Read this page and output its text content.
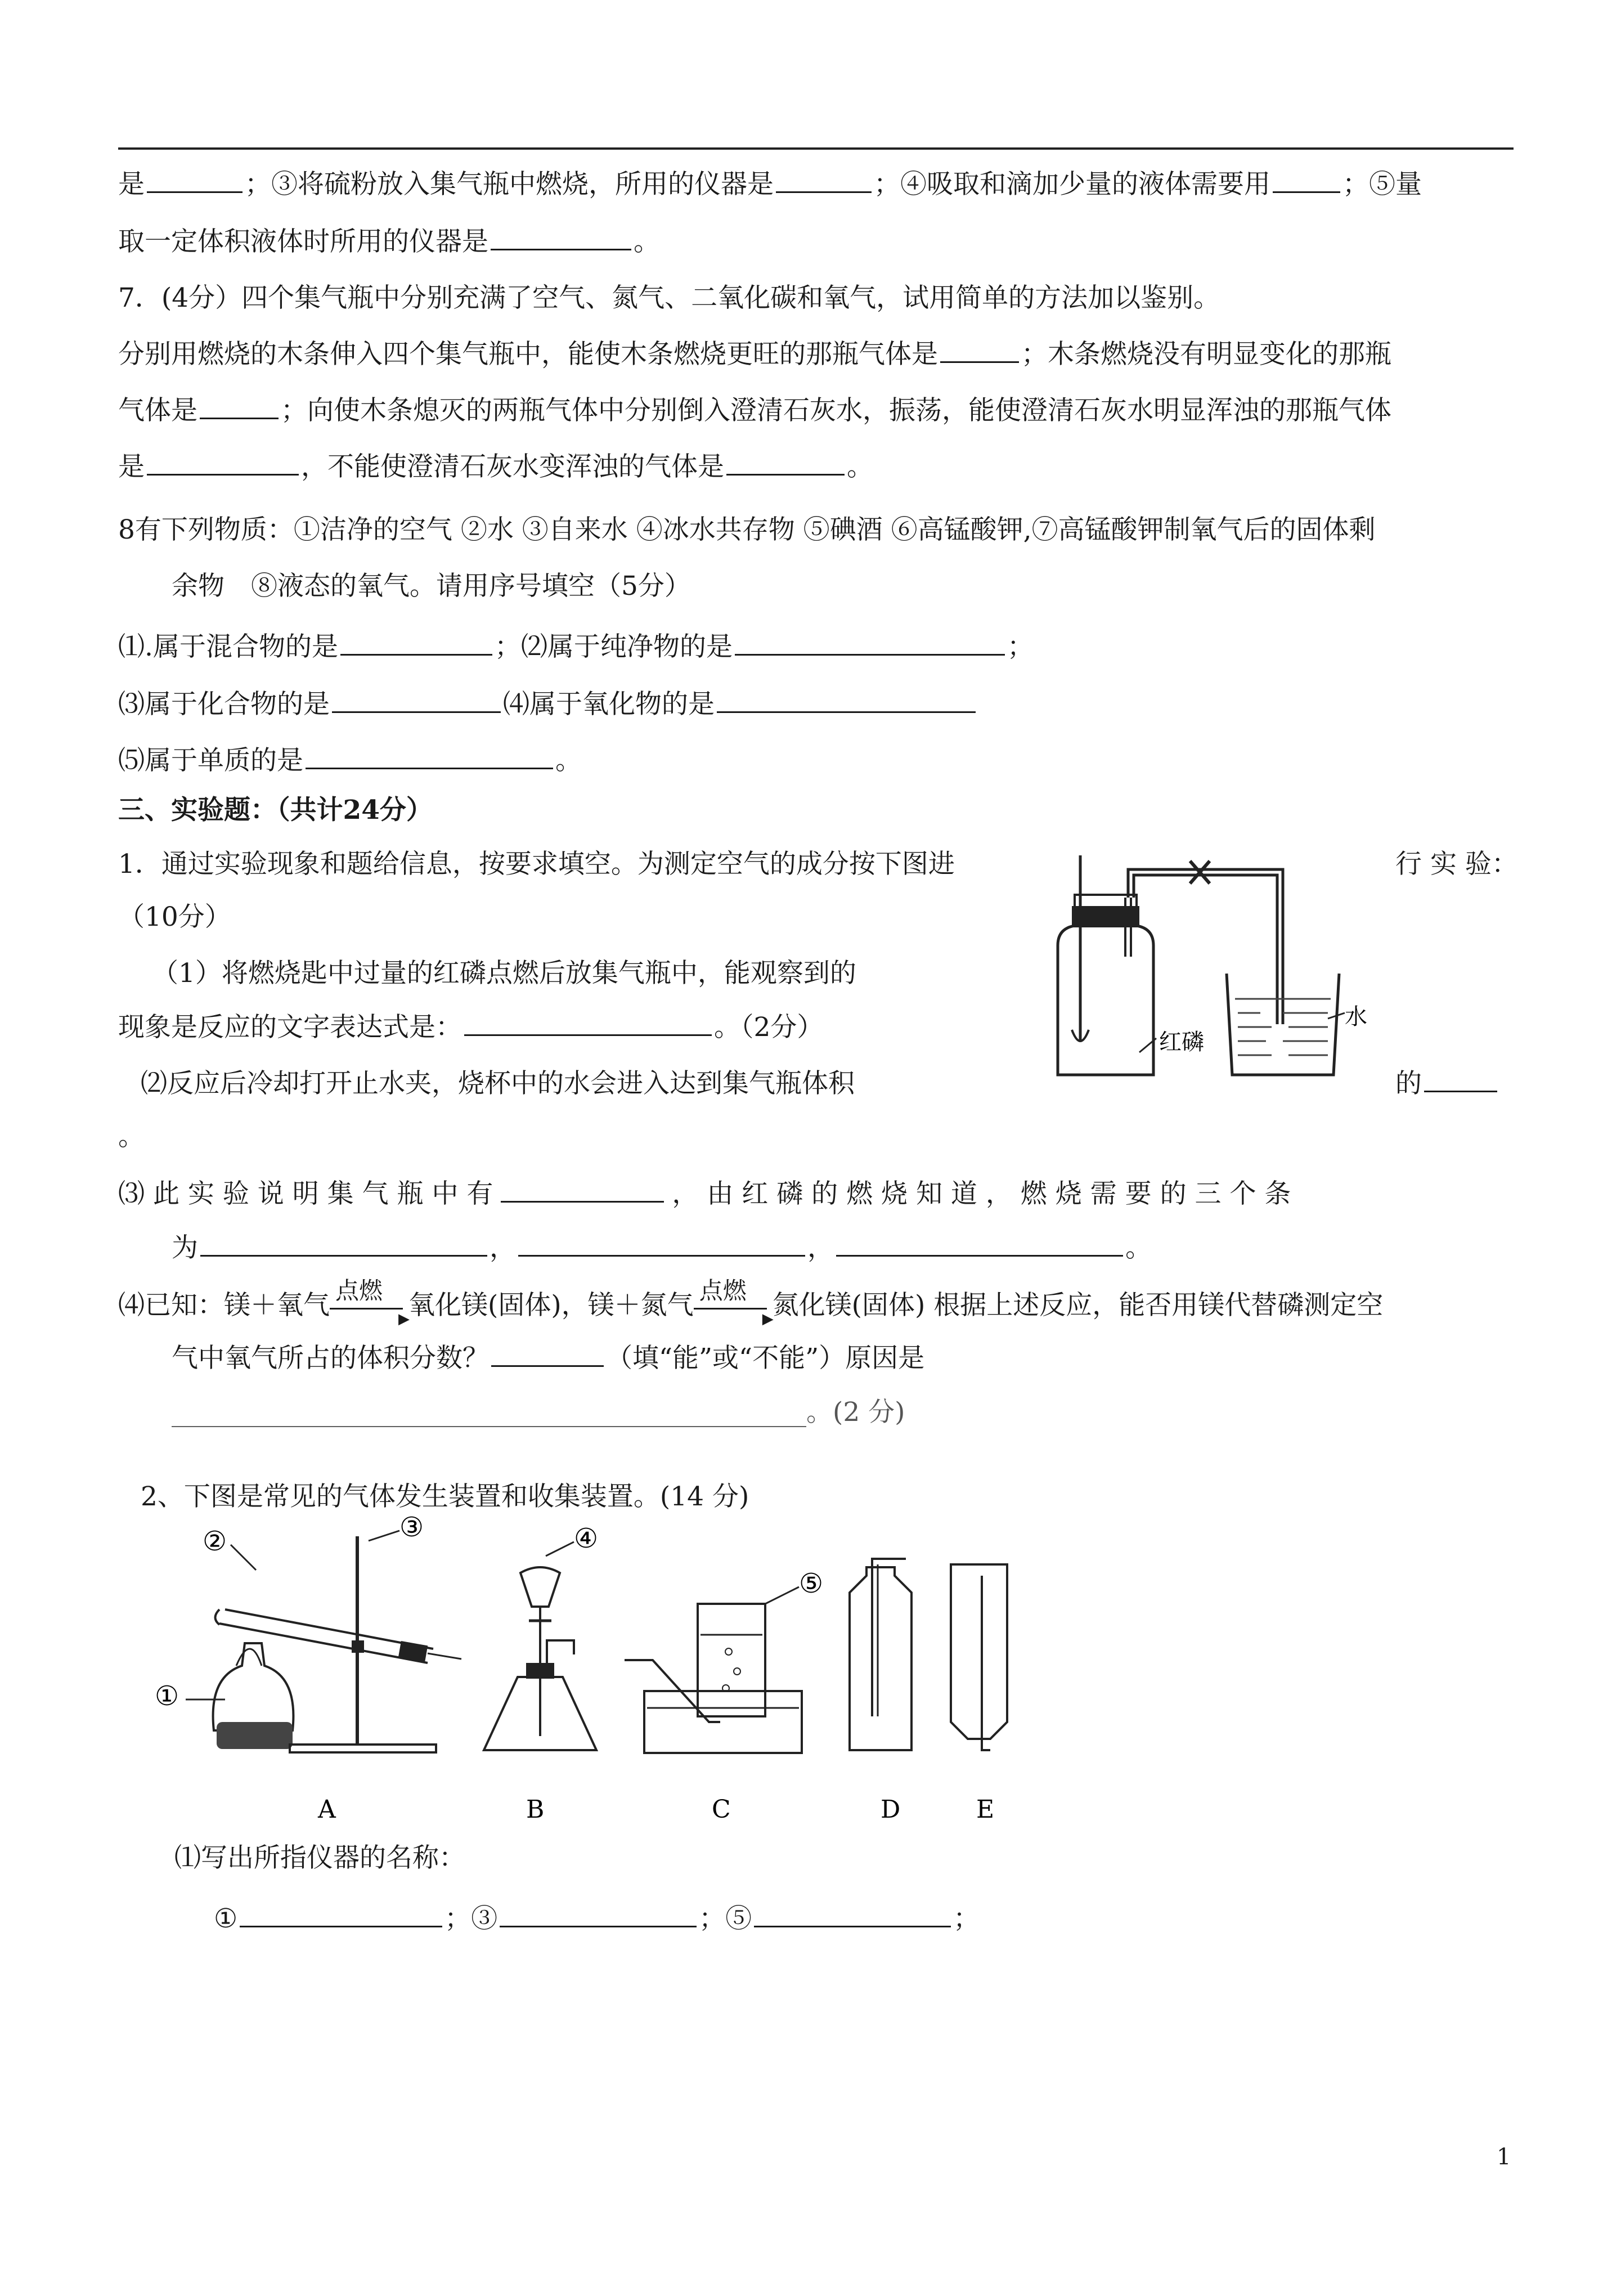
是	；③将硫粉放入集气瓶中燃烧，所用的仪器是	；④吸取和滴加少量的液体需要用	；⑤量
取一定体积液体时所用的仪器是	。
7．(4分）四个集气瓶中分别充满了空气、氮气、二氧化碳和氧气，试用简单的方法加以鉴别。
分别用燃烧的木条伸入四个集气瓶中，能使木条燃烧更旺的那瓶气体是	；木条燃烧没有明显变化的那瓶
气体是	；向使木条熄灭的两瓶气体中分别倒入澄清石灰水，振荡，能使澄清石灰水明显浑浊的那瓶气体
是	，不能使澄清石灰水变浑浊的气体是	。
8有下列物质：①洁净的空气 ②水 ③自来水 ④冰水共存物 ⑤碘酒 ⑥高锰酸钾,⑦高锰酸钾制氧气后的固体剩
余物　⑧液态的氧气。请用序号填空（5分）
⑴.属于混合物的是	；⑵属于纯净物的是	；
⑶属于化合物的是	⑷属于氧化物的是
⑸属于单质的是	。
三、实验题：（共计24分）
1．通过实验现象和题给信息，按要求填空。为测定空气的成分按下图进	行 实 验：
（10分）
（1）将燃烧匙中过量的红磷点燃后放集气瓶中，能观察到的
现象是反应的文字表达式是：	。（2分）	红磷
水
⑵反应后冷却打开止水夹，烧杯中的水会进入达到集气瓶体积	的
。
⑶ 此 实 验 说 明 集 气 瓶 中 有	， 由 红 磷 的 燃 烧 知 道 ， 燃 烧 需 要 的 三 个 条
为	，	，	。
⑷已知：镁＋氧气 点燃
▶
氧化镁(固体)，镁＋氮气 点燃
▶
氮化镁(固体) 根据上述反应，能否用镁代替磷测定空
气中氧气所占的体积分数？	（填“能”或“不能”）原因是
________________________________________________。(2 分)
2、下图是常见的气体发生装置和收集装置。(14 分)
②	③	④
⑤
①
A	B	C	D	E
⑴写出所指仪器的名称：
①	；③	；⑤	；
1
